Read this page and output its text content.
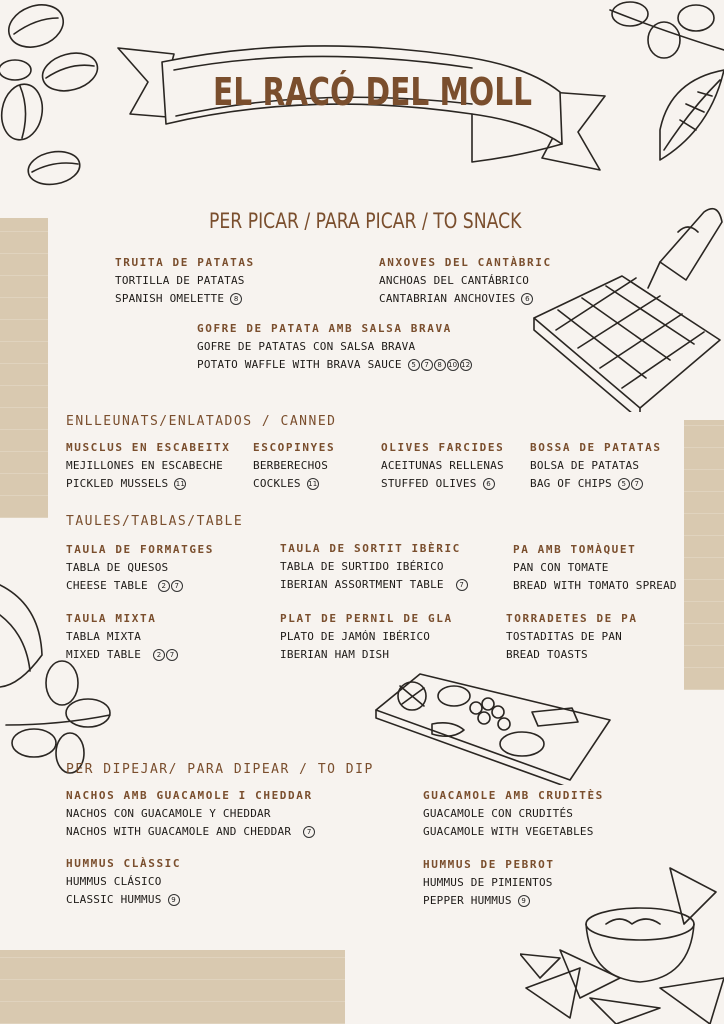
EL RACÓ DEL MOLL
PER PICAR / PARA PICAR / TO SNACK
TRUITA DE PATATAS
TORTILLA DE PATATAS
SPANISH OMELETTE	8
ANXOVES DEL CANTÀBRIC
ANCHOAS DEL CANTÁBRICO
CANTABRIAN ANCHOVIES	6
GOFRE DE PATATA AMB SALSA BRAVA
GOFRE DE PATATAS CON SALSA BRAVA
POTATO WAFFLE WITH BRAVA SAUCE	5	7	8 10 12
ENLLEUNATS/ENLATADOS / CANNED
MUSCLUS EN ESCABEITX
MEJILLONES EN ESCABECHE
PICKLED MUSSELS 11
ESCOPINYES
BERBERECHOS
COCKLES 11
OLIVES FARCIDES
ACEITUNAS RELLENAS
STUFFED OLIVES	6
BOSSA DE PATATAS
BOLSA DE PATATAS
BAG OF CHIPS	5	7
TAULES/TABLAS/TABLE
TAULA DE FORMATGES
TABLA DE QUESOS
CHEESE TABLE	2	7
TAULA DE SORTIT IBÈRIC
TABLA DE SURTIDO IBÉRICO
IBERIAN ASSORTMENT TABLE	7
PA AMB TOMÀQUET
PAN CON TOMATE
BREAD WITH TOMATO SPREAD
TAULA MIXTA
TABLA MIXTA
MIXED TABLE	2	7
PLAT DE PERNIL DE GLA
PLATO DE JAMÓN IBÉRICO
IBERIAN HAM DISH
TORRADETES DE PA
TOSTADITAS DE PAN
BREAD TOASTS
PER DIPEJAR/ PARA DIPEAR / TO DIP
NACHOS AMB GUACAMOLE I CHEDDAR
NACHOS CON GUACAMOLE Y CHEDDAR
NACHOS WITH GUACAMOLE AND CHEDDAR	7
GUACAMOLE AMB CRUDITÈS
GUACAMOLE CON CRUDITÉS
GUACAMOLE WITH VEGETABLES
HUMMUS CLÀSSIC
HUMMUS CLÁSICO
CLASSIC HUMMUS	9
HUMMUS DE PEBROT
HUMMUS DE PIMIENTOS
PEPPER HUMMUS	9
